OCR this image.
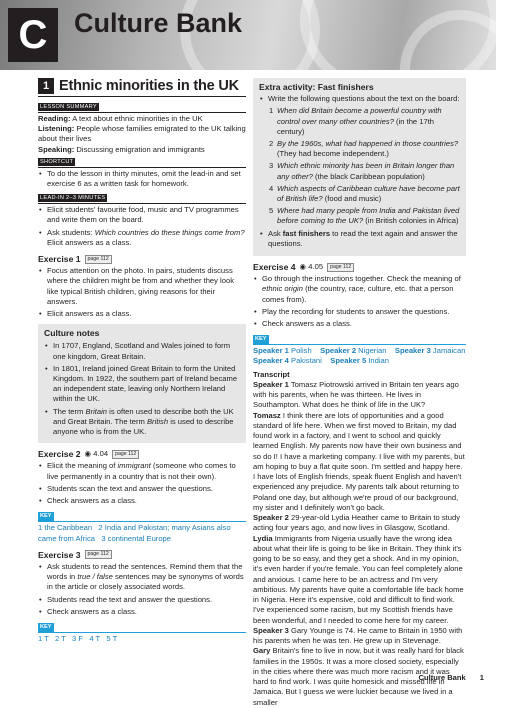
C Culture Bank
1 Ethnic minorities in the UK
LESSON SUMMARY

Reading: A text about ethnic minorities in the UK

Listening: People whose families emigrated to the UK talking about their lives

Speaking: Discussing emigration and immigrants

SHORTCUT
• To do the lesson in thirty minutes, omit the lead-in and set exercise 6 as a written task for homework.
LEAD-IN 2–3 MINUTES
• Elicit students' favourite food, music and TV programmes and write them on the board.
• Ask students: Which countries do these things come from? Elicit answers as a class.
Exercise 1	page 112
• Focus attention on the photo. In pairs, students discuss where the children might be from and whether they look like typical British children, giving reasons for their answers.
• Elicit answers as a class.
Culture notes
• In 1707, England, Scotland and Wales joined to form one kingdom, Great Britain.
• In 1801, Ireland joined Great Britain to form the United Kingdom. In 1922, the southern part of Ireland became an independent state, leaving only Northern Ireland within the UK.
• The term Britain is often used to describe both the UK and Great Britain. The term British is used to describe anyone who is from the UK.
Exercise 2 ◉ 4.04	page 112
• Elicit the meaning of immigrant (someone who comes to live permanently in a country that is not their own).
• Students scan the text and answer the questions.
• Check answers as a class.
KEY

1 the Caribbean 2 India and Pakistan; many Asians also came from Africa 3 continental Europe

Exercise 3	page 112
• Ask students to read the sentences. Remind them that the words in true / false sentences may be synonyms of words in the article or closely associated words.
• Students read the text and answer the questions.
• Check answers as a class.
KEY

1 T   2 T   3 F   4 T   5 T

Extra activity: Fast finishers
• Write the following questions about the text on the board:
1 When did Britain become a powerful country with control over many other countries? (in the 17th century)
2 By the 1960s, what had happened in those countries? (They had become independent.)
3 Which ethnic minority has been in Britain longer than any other? (the black Caribbean population)
4 Which aspects of Caribbean culture have become part of British life? (food and music)
5 Where had many people from India and Pakistan lived before coming to the UK? (in British colonies in Africa)
• Ask fast finishers to read the text again and answer the questions.
Exercise 4 ◉ 4.05	page 112
• Go through the instructions together. Check the meaning of ethnic origin (the country, race, culture, etc. that a person comes from).
• Play the recording for students to answer the questions.
• Check answers as a class.
KEY

Speaker 1 Polish Speaker 2 Nigerian Speaker 3 Jamaican

Speaker 4 Pakistani Speaker 5 Indian

Transcript

Speaker 1 Tomasz Piotrowski arrived in Britain ten years ago with his parents, when he was thirteen. He lives in Southampton. What does he think of life in the UK?
Tomasz I think there are lots of opportunities and a good standard of life here. When we first moved to Britain, my dad found work in a factory, and I went to school and quickly learned English. My parents now have their own business and so do I! I have a marketing company. I live with my parents, but am hoping to buy a flat quite soon. I'm settled and happy here. I have lots of English friends, speak fluent English and haven't experienced any prejudice. My parents talk about returning to Poland one day, but although we're proud of our background, my sister and I definitely won't go back.
Speaker 2 29-year-old Lydia Heather came to Britain to study acting four years ago, and now lives in Glasgow, Scotland.
Lydia Immigrants from Nigeria usually have the wrong idea about what their life is going to be like in Britain. They think it's going to be so easy, and they get a shock. And in my opinion, it's even harder if you're female. You can feel completely alone and anxious. I came here to be an actress and I'm very ambitious. My parents have quite a comfortable life back home in Nigeria. Here it's expensive, cold and difficult to find work. I've experienced some racism, but my Scottish friends have been wonderful, and I needed to come here for my career.
Speaker 3 Gary Younge is 74. He came to Britain in 1950 with his parents when he was ten. He grew up in Stevenage.
Gary Britain's fine to live in now, but it was really hard for black families in the 1950s. It was a more closed society, especially in the cities where there was much more racism and it was hard to find work. I was quite homesick and missed life in Jamaica. But I guess we were luckier because we lived in a smaller
Culture Bank 1
